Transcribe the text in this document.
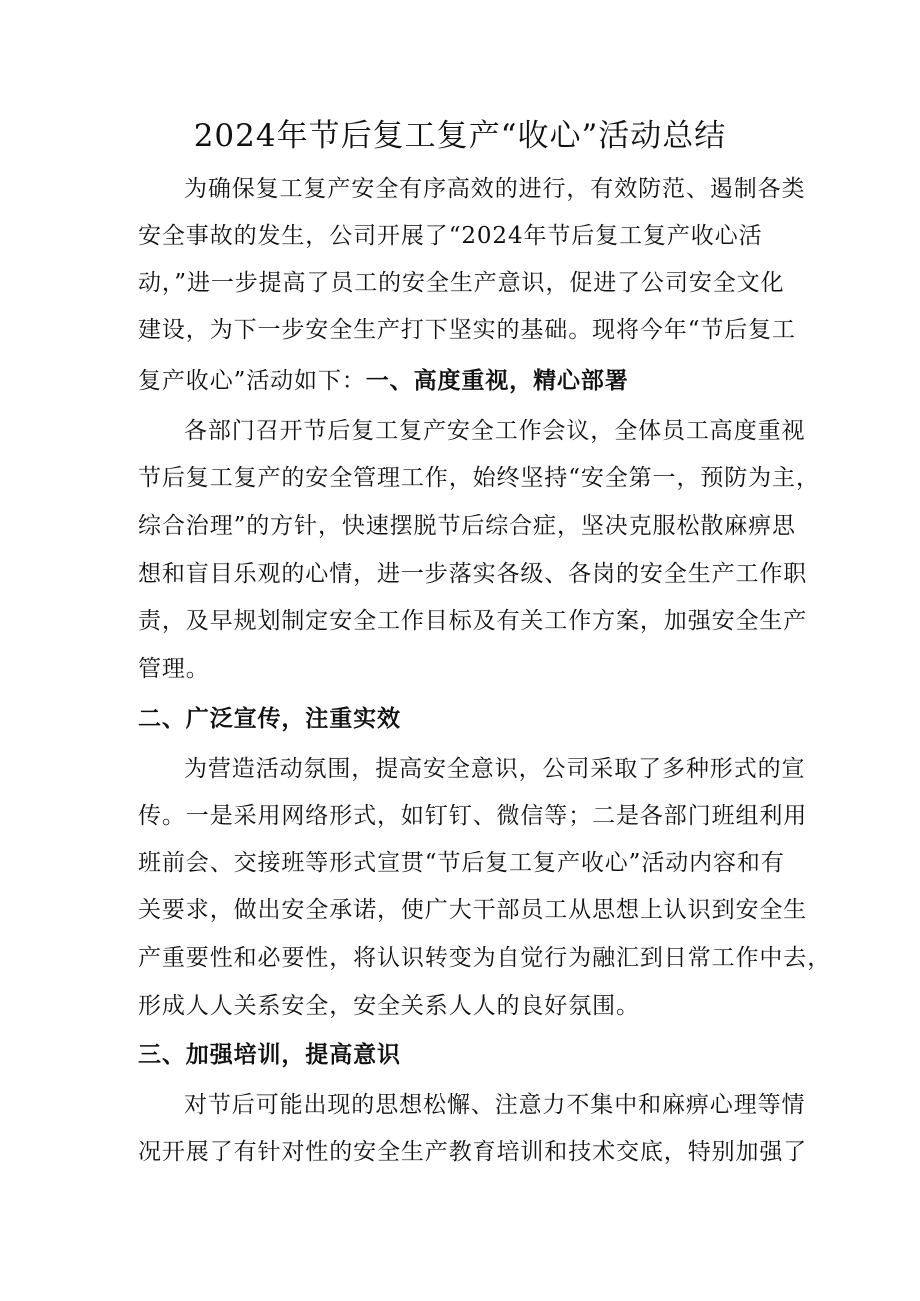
2024年节后复工复产“收心”活动总结
为确保复工复产安全有序高效的进行，有效防范、遏制各类
安全事故的发生，公司开展了“2024年节后复工复产收心活
动，”进一步提高了员工的安全生产意识，促进了公司安全文化
建设，为下一步安全生产打下坚实的基础。现将今年“节后复工
复产收心”活动如下：一、高度重视，精心部署
各部门召开节后复工复产安全工作会议，全体员工高度重视
节后复工复产的安全管理工作，始终坚持“安全第一，预防为主，
综合治理”的方针，快速摆脱节后综合症，坚决克服松散麻痹思
想和盲目乐观的心情，进一步落实各级、各岗的安全生产工作职
责，及早规划制定安全工作目标及有关工作方案，加强安全生产
管理。
二、广泛宣传，注重实效
为营造活动氛围，提高安全意识，公司采取了多种形式的宣
传。一是采用网络形式，如钉钉、微信等；二是各部门班组利用
班前会、交接班等形式宣贯“节后复工复产收心”活动内容和有
关要求，做出安全承诺，使广大干部员工从思想上认识到安全生
产重要性和必要性，将认识转变为自觉行为融汇到日常工作中去，
形成人人关系安全，安全关系人人的良好氛围。
三、加强培训，提高意识
对节后可能出现的思想松懈、注意力不集中和麻痹心理等情
况开展了有针对性的安全生产教育培训和技术交底，特别加强了
